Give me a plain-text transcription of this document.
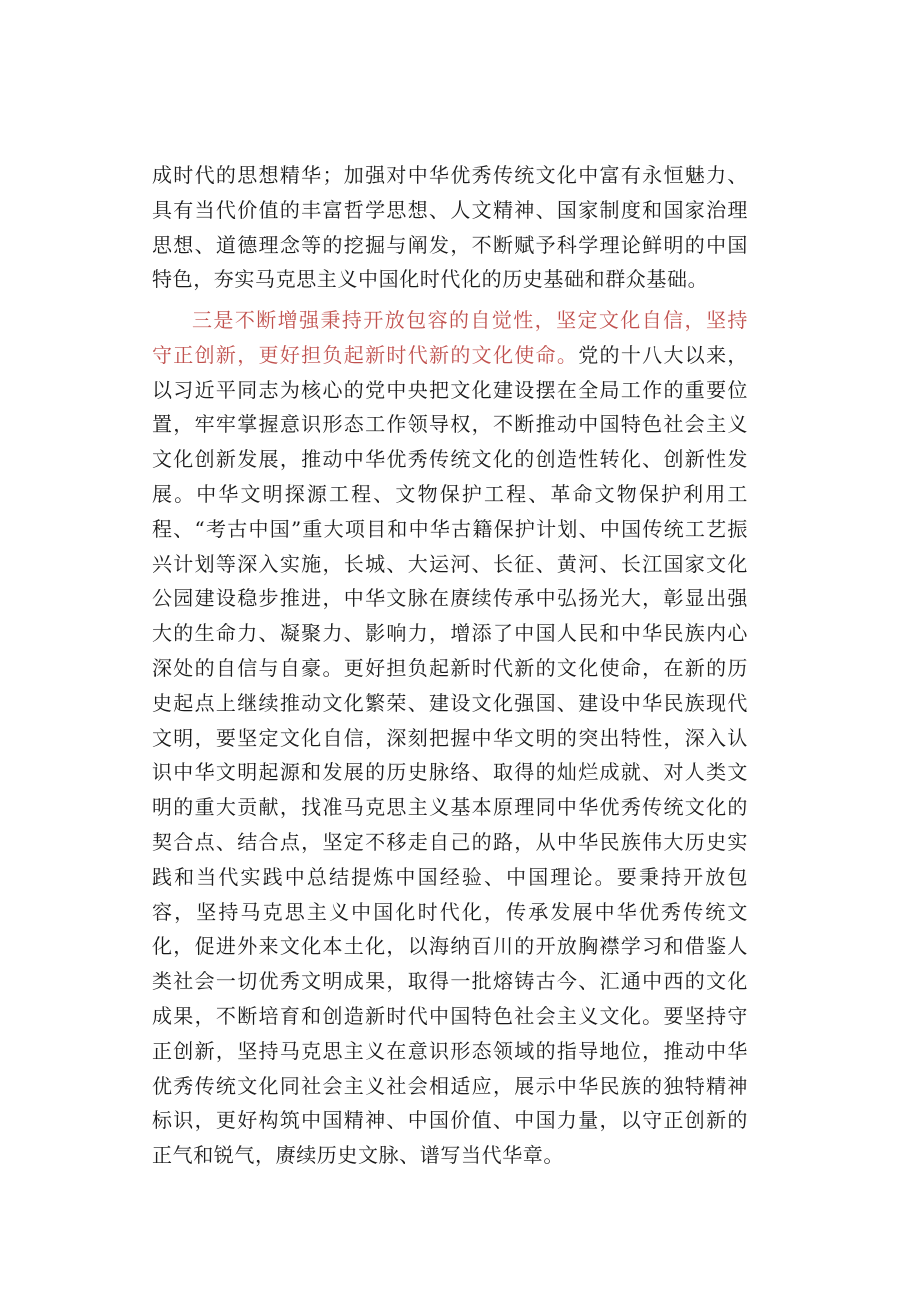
成时代的思想精华；加强对中华优秀传统文化中富有永恒魅力、具有当代价值的丰富哲学思想、人文精神、国家制度和国家治理思想、道德理念等的挖掘与阐发，不断赋予科学理论鲜明的中国特色，夯实马克思主义中国化时代化的历史基础和群众基础。

三是不断增强秉持开放包容的自觉性，坚定文化自信，坚持守正创新，更好担负起新时代新的文化使命。党的十八大以来，以习近平同志为核心的党中央把文化建设摆在全局工作的重要位置，牢牢掌握意识形态工作领导权，不断推动中国特色社会主义文化创新发展，推动中华优秀传统文化的创造性转化、创新性发展。中华文明探源工程、文物保护工程、革命文物保护利用工程、“考古中国”重大项目和中华古籍保护计划、中国传统工艺振兴计划等深入实施，长城、大运河、长征、黄河、长江国家文化公园建设稳步推进，中华文脉在赓续传承中弘扬光大，彰显出强大的生命力、凝聚力、影响力，增添了中国人民和中华民族内心深处的自信与自豪。更好担负起新时代新的文化使命，在新的历史起点上继续推动文化繁荣、建设文化强国、建设中华民族现代文明，要坚定文化自信，深刻把握中华文明的突出特性，深入认识中华文明起源和发展的历史脉络、取得的灿烂成就、对人类文明的重大贡献，找准马克思主义基本原理同中华优秀传统文化的契合点、结合点，坚定不移走自己的路，从中华民族伟大历史实践和当代实践中总结提炼中国经验、中国理论。要秉持开放包容，坚持马克思主义中国化时代化，传承发展中华优秀传统文化，促进外来文化本土化，以海纳百川的开放胸襟学习和借鉴人类社会一切优秀文明成果，取得一批熔铸古今、汇通中西的文化成果，不断培育和创造新时代中国特色社会主义文化。要坚持守正创新，坚持马克思主义在意识形态领域的指导地位，推动中华优秀传统文化同社会主义社会相适应，展示中华民族的独特精神标识，更好构筑中国精神、中国价值、中国力量，以守正创新的正气和锐气，赓续历史文脉、谱写当代华章。
